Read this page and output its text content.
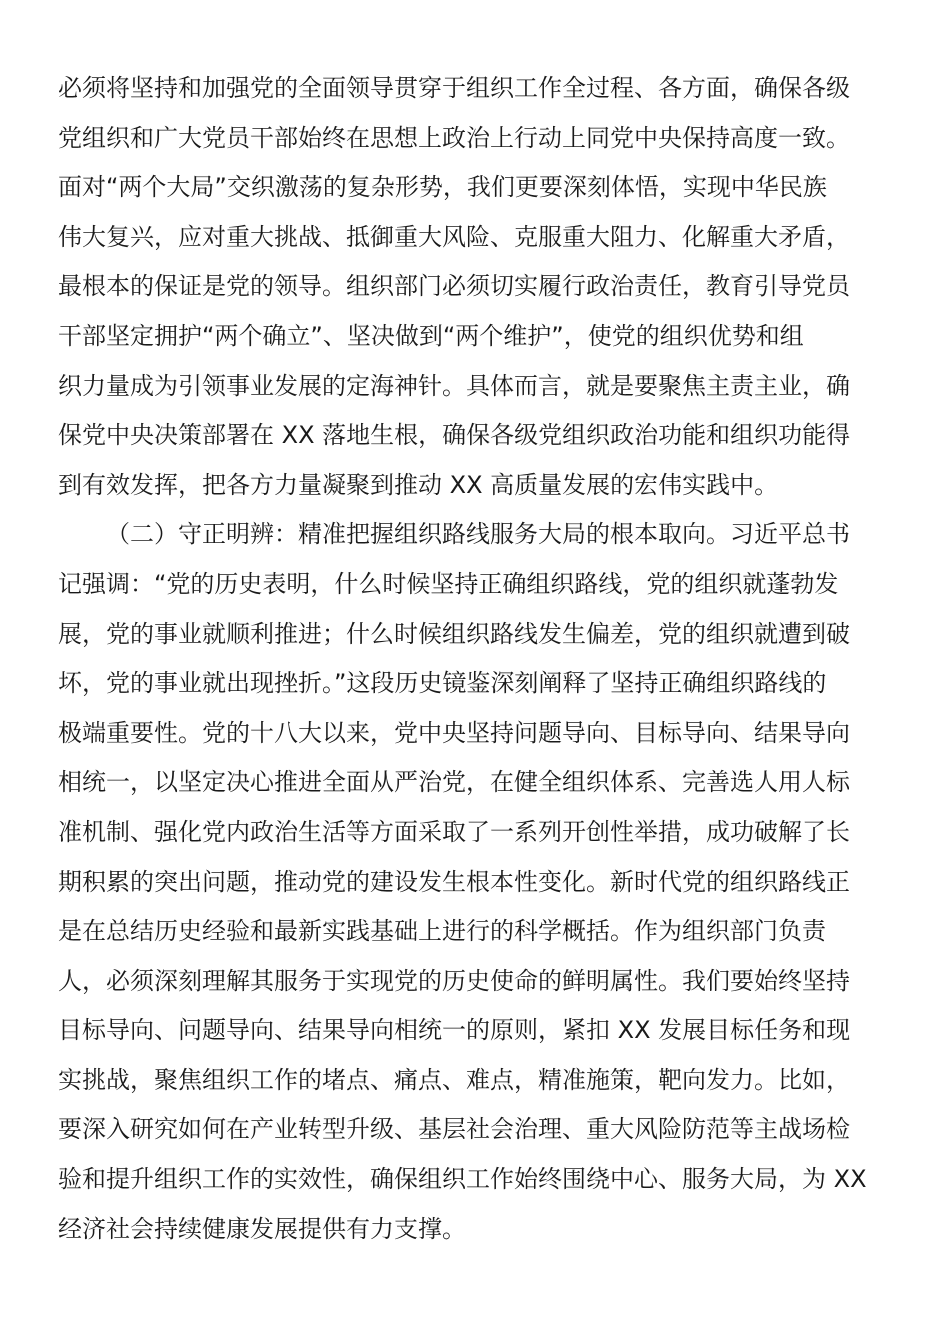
必须将坚持和加强党的全面领导贯穿于组织工作全过程、各方面，确保各级
党组织和广大党员干部始终在思想上政治上行动上同党中央保持高度一致。
面对“两个大局”交织激荡的复杂形势，我们更要深刻体悟，实现中华民族
伟大复兴，应对重大挑战、抵御重大风险、克服重大阻力、化解重大矛盾，
最根本的保证是党的领导。组织部门必须切实履行政治责任，教育引导党员
干部坚定拥护“两个确立”、坚决做到“两个维护”，使党的组织优势和组
织力量成为引领事业发展的定海神针。具体而言，就是要聚焦主责主业，确
保党中央决策部署在 XX 落地生根，确保各级党组织政治功能和组织功能得
到有效发挥，把各方力量凝聚到推动 XX 高质量发展的宏伟实践中。
（二）守正明辨：精准把握组织路线服务大局的根本取向。习近平总书
记强调：“党的历史表明，什么时候坚持正确组织路线，党的组织就蓬勃发
展，党的事业就顺利推进；什么时候组织路线发生偏差，党的组织就遭到破
坏，党的事业就出现挫折。”这段历史镜鉴深刻阐释了坚持正确组织路线的
极端重要性。党的十八大以来，党中央坚持问题导向、目标导向、结果导向
相统一，以坚定决心推进全面从严治党，在健全组织体系、完善选人用人标
准机制、强化党内政治生活等方面采取了一系列开创性举措，成功破解了长
期积累的突出问题，推动党的建设发生根本性变化。新时代党的组织路线正
是在总结历史经验和最新实践基础上进行的科学概括。作为组织部门负责
人，必须深刻理解其服务于实现党的历史使命的鲜明属性。我们要始终坚持
目标导向、问题导向、结果导向相统一的原则，紧扣 XX 发展目标任务和现
实挑战，聚焦组织工作的堵点、痛点、难点，精准施策，靶向发力。比如，
要深入研究如何在产业转型升级、基层社会治理、重大风险防范等主战场检
验和提升组织工作的实效性，确保组织工作始终围绕中心、服务大局，为 XX
经济社会持续健康发展提供有力支撑。
